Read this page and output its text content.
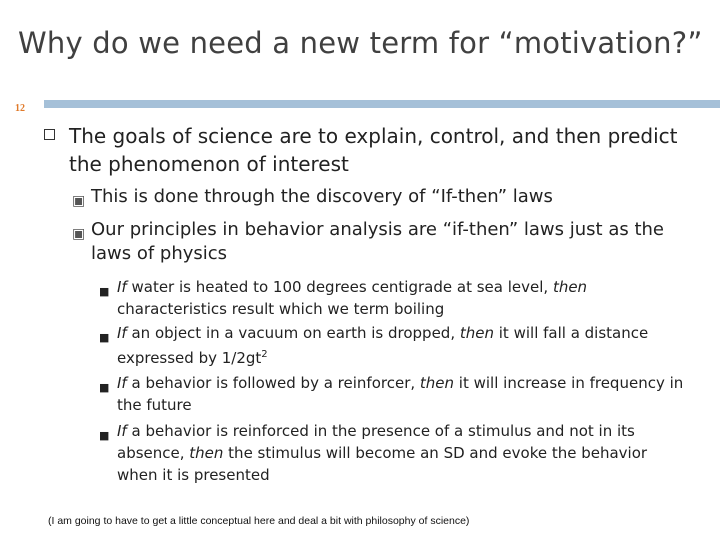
Why do we need a new term for “motivation?”
12
The goals of science are to explain, control, and then predict the phenomenon of interest
▣ This is done through the discovery of “If-then” laws
▣ Our principles in behavior analysis are “if-then” laws just as the laws of physics
■ If water is heated to 100 degrees centigrade at sea level, then characteristics result which we term boiling
■ If an object in a vacuum on earth is dropped, then it will fall a distance expressed by $1/2gt^2$
■ If a behavior is followed by a reinforcer, then it will increase in frequency in the future
■ If a behavior is reinforced in the presence of a stimulus and not in its absence, then the stimulus will become an SD and evoke the behavior when it is presented
(I am going to have to get a little conceptual here and deal a bit with philosophy of science)
